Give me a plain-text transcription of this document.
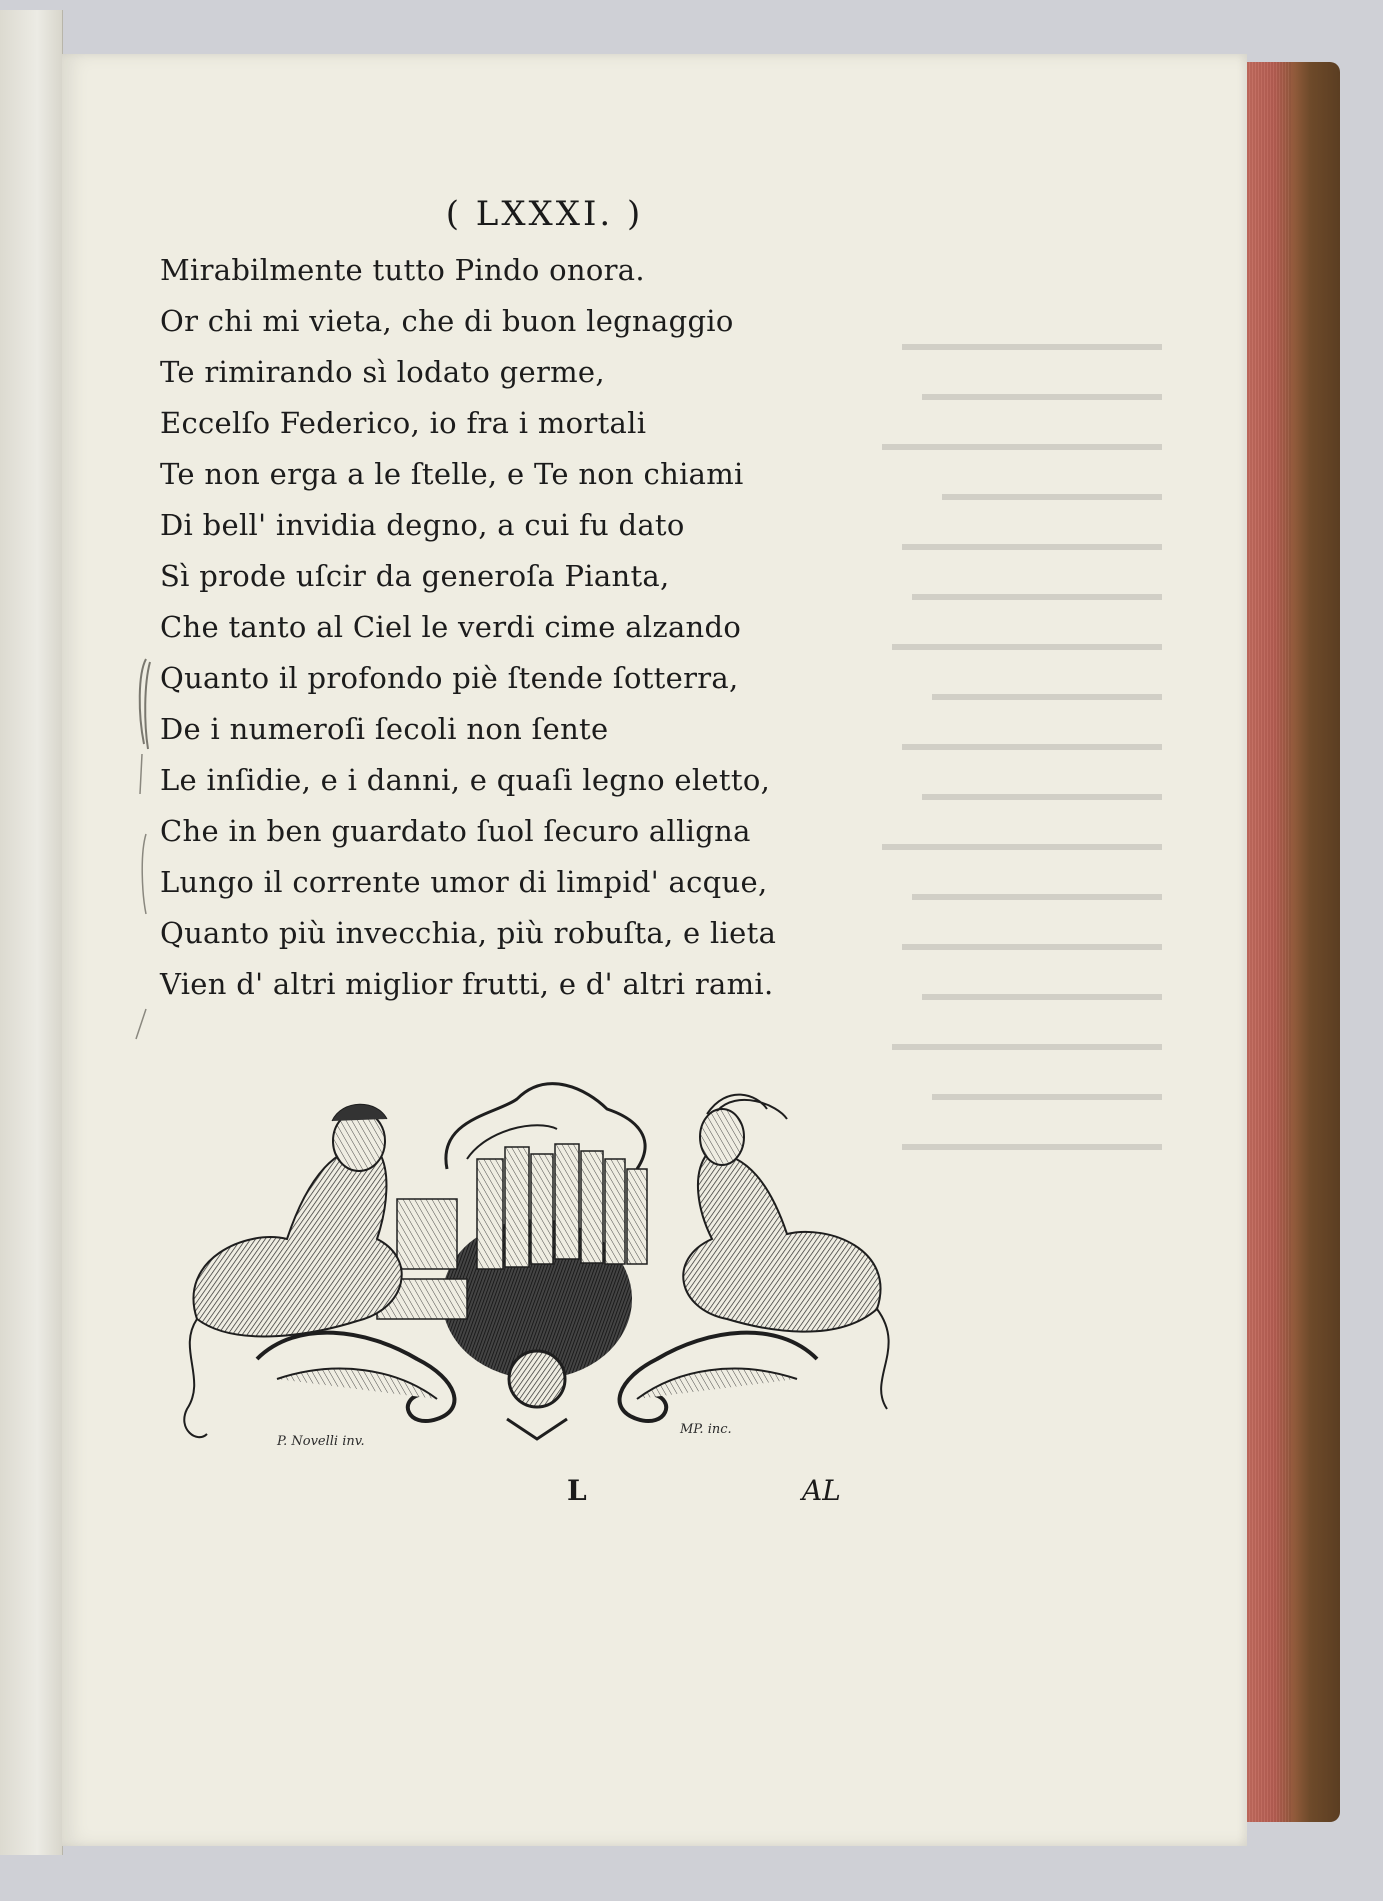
( LXXXI. )
Mirabilmente tutto Pindo onora.
Or chi mi vieta, che di buon legnaggio
Te rimirando sì lodato germe,
Eccelſo Federico, io fra i mortali
Te non erga a le ſtelle, e Te non chiami
Di bell' invidia degno, a cui fu dato
Sì prode uſcir da generoſa Pianta,
Che tanto al Ciel le verdi cime alzando
Quanto il profondo piè ſtende ſotterra,
De i numeroſi ſecoli non ſente
Le inſidie, e i danni, e quaſi legno eletto,
Che in ben guardato ſuol ſecuro alligna
Lungo il corrente umor di limpid' acque,
Quanto più invecchia, più robuſta, e lieta
Vien d' altri miglior frutti, e d' altri rami.
P. Novelli inv.
MP. inc.
L	AL
